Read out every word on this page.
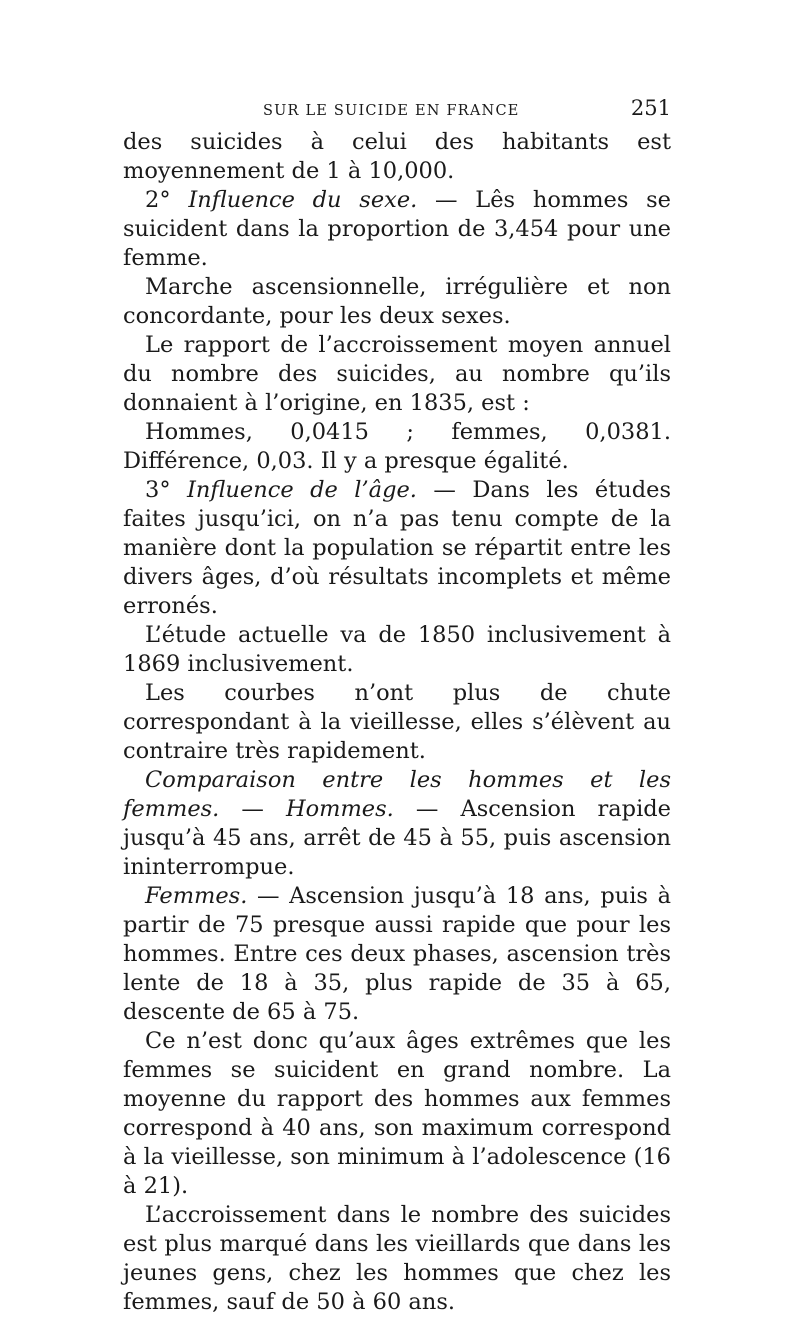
SUR LE SUICIDE EN FRANCE	251

des suicides à celui des habitants est moyennement de 1 à 10,000.

2° Influence du sexe. — Lês hommes se suicident dans la proportion de 3,454 pour une femme.

Marche ascensionnelle, irrégulière et non concordante, pour les deux sexes.

Le rapport de l’accroissement moyen annuel du nombre des suicides, au nombre qu’ils donnaient à l’origine, en 1835, est :

Hommes, 0,0415 ; femmes, 0,0381. Différence, 0,03. Il y a presque égalité.

3° Influence de l’âge. — Dans les études faites jusqu’ici, on n’a pas tenu compte de la manière dont la population se répartit entre les divers âges, d’où résultats incomplets et même erronés.

L’étude actuelle va de 1850 inclusivement à 1869 inclusivement.

Les courbes n’ont plus de chute correspondant à la vieillesse, elles s’élèvent au contraire très rapidement.

Comparaison entre les hommes et les femmes. — Hommes. — Ascension rapide jusqu’à 45 ans, arrêt de 45 à 55, puis ascension ininterrompue.

Femmes. — Ascension jusqu’à 18 ans, puis à partir de 75 presque aussi rapide que pour les hommes. Entre ces deux phases, ascension très lente de 18 à 35, plus rapide de 35 à 65, descente de 65 à 75.

Ce n’est donc qu’aux âges extrêmes que les femmes se suicident en grand nombre. La moyenne du rapport des hommes aux femmes correspond à 40 ans, son maximum correspond à la vieillesse, son minimum à l’adolescence (16 à 21).

L’accroissement dans le nombre des suicides est plus marqué dans les vieillards que dans les jeunes gens, chez les hommes que chez les femmes, sauf de 50 à 60 ans.
